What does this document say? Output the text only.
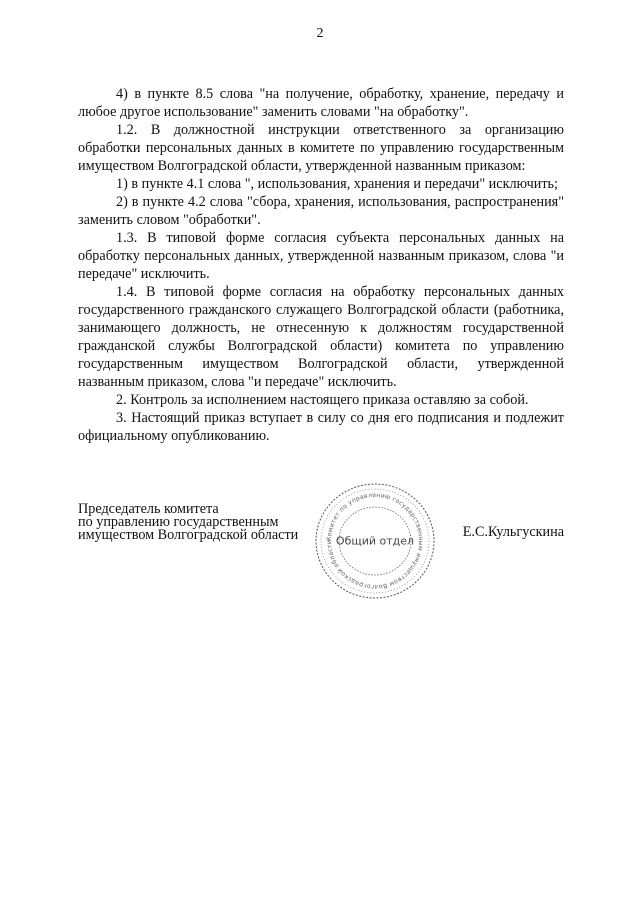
2

4) в пункте 8.5 слова "на получение, обработку, хранение, передачу и любое другое использование" заменить словами "на обработку".

1.2. В должностной инструкции ответственного за организацию обработки персональных данных в комитете по управлению государственным имуществом Волгоградской области, утвержденной названным приказом:

1) в пункте 4.1 слова ", использования, хранения и передачи" исключить;

2) в пункте 4.2 слова "сбора, хранения, использования, распространения" заменить словом "обработки".

1.3. В типовой форме согласия субъекта персональных данных на обработку персональных данных, утвержденной названным приказом, слова "и передаче" исключить.

1.4. В типовой форме согласия на обработку персональных данных государственного гражданского служащего Волгоградской области (работника, занимающего должность, не отнесенную к должностям государственной гражданской службы Волгоградской области) комитета по управлению государственным имуществом Волгоградской области, утвержденной названным приказом, слова "и передаче" исключить.

2. Контроль за исполнением настоящего приказа оставляю за собой.

3. Настоящий приказ вступает в силу со дня его подписания и подлежит официальному опубликованию.

Председатель комитета
по управлению государственным
имуществом Волгоградской области	Комитет по управлению государственным имуществом Волгоградской области Общий отдел
Е.С.Кульгускина
